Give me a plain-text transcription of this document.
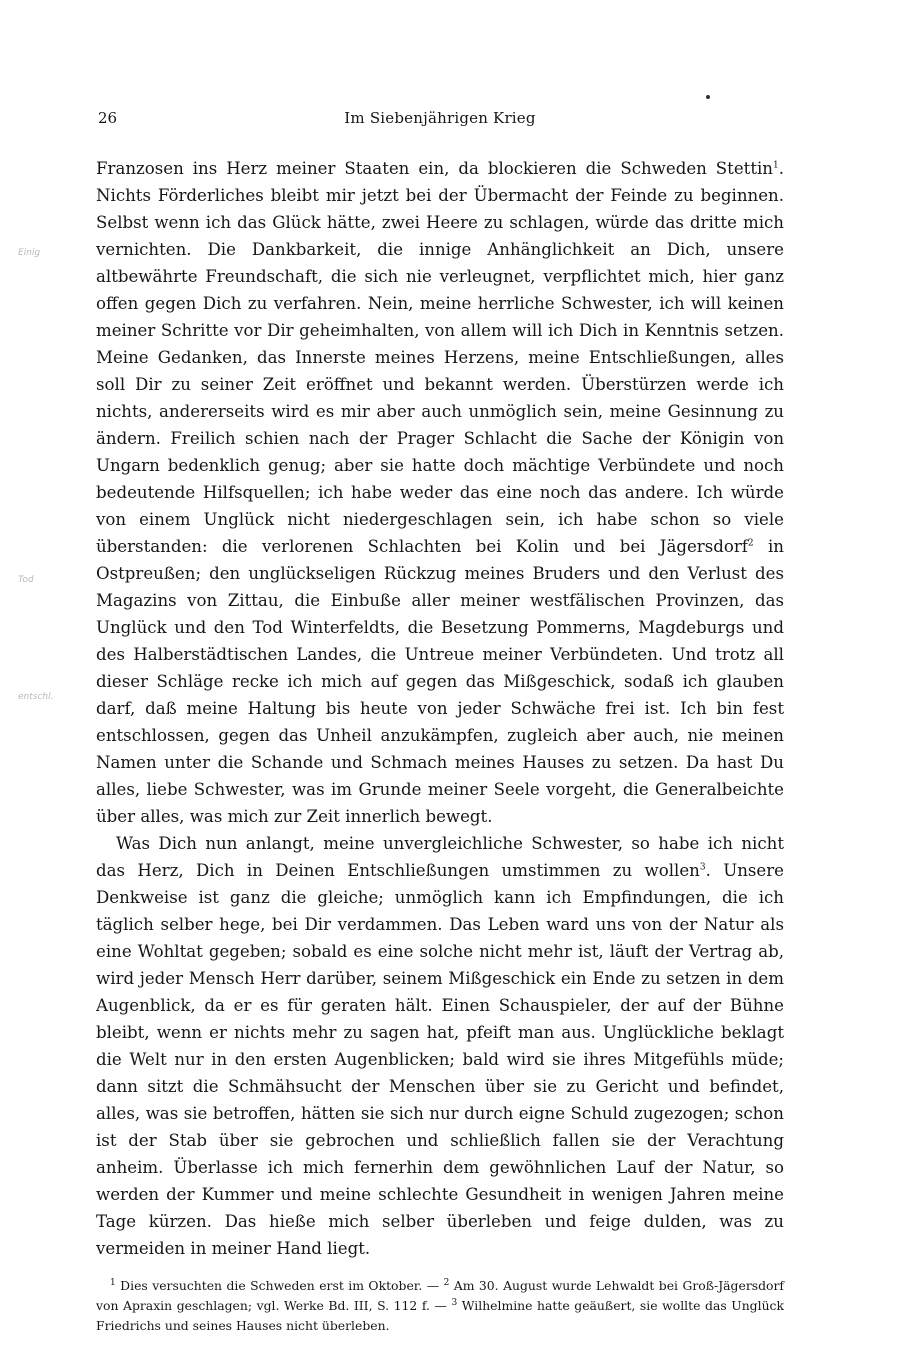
Einig
Tod
entschl.
26	Im Siebenjährigen Krieg

Franzosen ins Herz meiner Staaten ein, da blockieren die Schweden Stettin$^1$. Nichts Förderliches bleibt mir jetzt bei der Übermacht der Feinde zu beginnen. Selbst wenn ich das Glück hätte, zwei Heere zu schlagen, würde das dritte mich vernichten. Die Dankbarkeit, die innige Anhänglichkeit an Dich, unsere altbewährte Freundschaft, die sich nie verleugnet, verpflichtet mich, hier ganz offen gegen Dich zu verfahren. Nein, meine herrliche Schwester, ich will keinen meiner Schritte vor Dir geheimhalten, von allem will ich Dich in Kenntnis setzen. Meine Gedanken, das Innerste meines Herzens, meine Entschließungen, alles soll Dir zu seiner Zeit eröffnet und bekannt werden. Überstürzen werde ich nichts, andererseits wird es mir aber auch unmöglich sein, meine Gesinnung zu ändern. Freilich schien nach der Prager Schlacht die Sache der Königin von Ungarn bedenklich genug; aber sie hatte doch mächtige Verbündete und noch bedeutende Hilfsquellen; ich habe weder das eine noch das andere. Ich würde von einem Unglück nicht niedergeschlagen sein, ich habe schon so viele überstanden: die verlorenen Schlachten bei Kolin und bei Jägersdorf$^2$ in Ostpreußen; den unglückseligen Rückzug meines Bruders und den Verlust des Magazins von Zittau, die Einbuße aller meiner westfälischen Provinzen, das Unglück und den Tod Winterfeldts, die Besetzung Pommerns, Magdeburgs und des Halberstädtischen Landes, die Untreue meiner Verbündeten. Und trotz all dieser Schläge recke ich mich auf gegen das Mißgeschick, sodaß ich glauben darf, daß meine Haltung bis heute von jeder Schwäche frei ist. Ich bin fest entschlossen, gegen das Unheil anzukämpfen, zugleich aber auch, nie meinen Namen unter die Schande und Schmach meines Hauses zu setzen. Da hast Du alles, liebe Schwester, was im Grunde meiner Seele vorgeht, die Generalbeichte über alles, was mich zur Zeit innerlich bewegt.

Was Dich nun anlangt, meine unvergleichliche Schwester, so habe ich nicht das Herz, Dich in Deinen Entschließungen umstimmen zu wollen$^3$. Unsere Denkweise ist ganz die gleiche; unmöglich kann ich Empfindungen, die ich täglich selber hege, bei Dir verdammen. Das Leben ward uns von der Natur als eine Wohltat gegeben; sobald es eine solche nicht mehr ist, läuft der Vertrag ab, wird jeder Mensch Herr darüber, seinem Mißgeschick ein Ende zu setzen in dem Augenblick, da er es für geraten hält. Einen Schauspieler, der auf der Bühne bleibt, wenn er nichts mehr zu sagen hat, pfeift man aus. Unglückliche beklagt die Welt nur in den ersten Augenblicken; bald wird sie ihres Mitgefühls müde; dann sitzt die Schmähsucht der Menschen über sie zu Gericht und befindet, alles, was sie betroffen, hätten sie sich nur durch eigne Schuld zugezogen; schon ist der Stab über sie gebrochen und schließlich fallen sie der Verachtung anheim. Überlasse ich mich fernerhin dem gewöhnlichen Lauf der Natur, so werden der Kummer und meine schlechte Gesundheit in wenigen Jahren meine Tage kürzen. Das hieße mich selber überleben und feige dulden, was zu vermeiden in meiner Hand liegt.

$^1$ Dies versuchten die Schweden erst im Oktober. — $^2$ Am 30. August wurde Lehwaldt bei Groß-Jägersdorf von Apraxin geschlagen; vgl. Werke Bd. III, S. 112 f. — $^3$ Wilhelmine hatte geäußert, sie wollte das Unglück Friedrichs und seines Hauses nicht überleben.
